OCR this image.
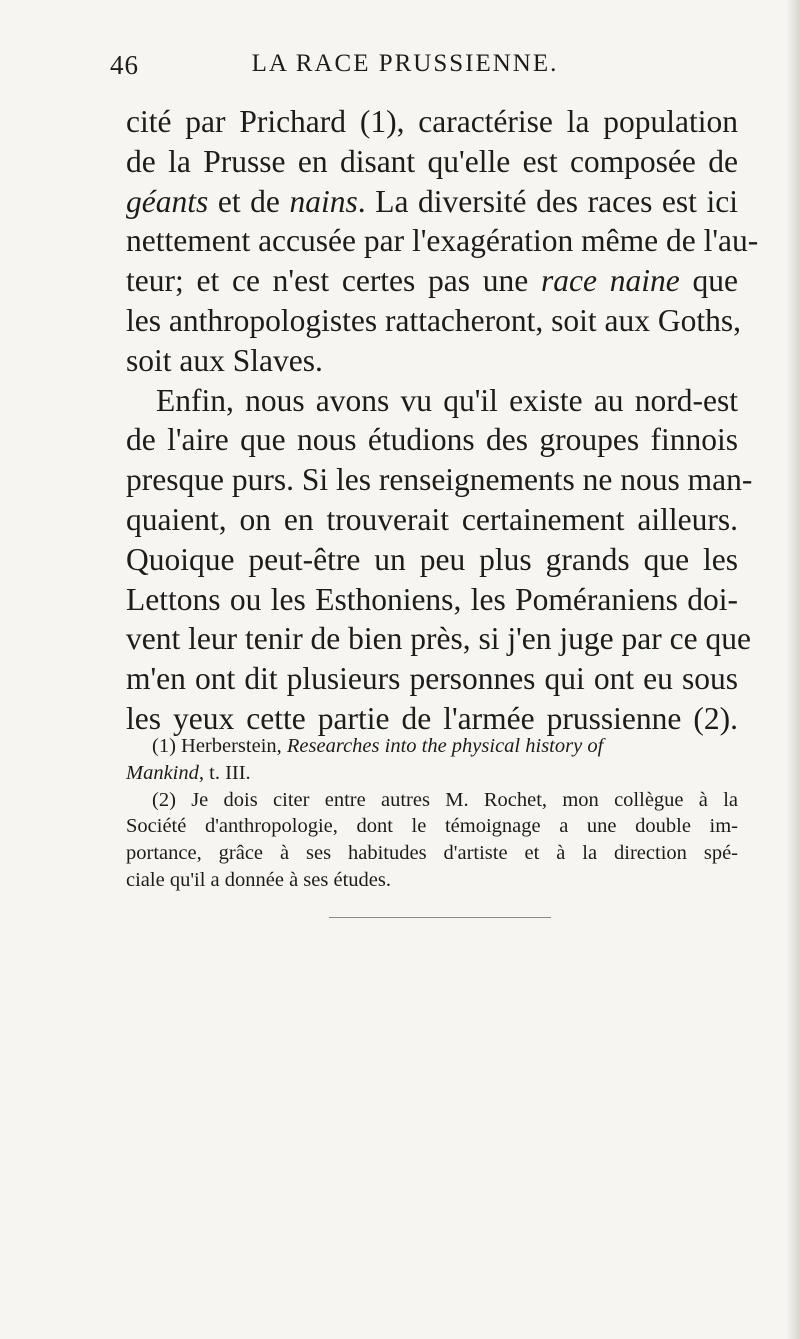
46	LA RACE PRUSSIENNE.
cité par Prichard (1), caractérise la population
de la Prusse en disant qu'elle est composée de
géants et de nains. La diversité des races est ici
nettement accusée par l'exagération même de l'au-
teur; et ce n'est certes pas une race naine que
les anthropologistes rattacheront, soit aux Goths,
soit aux Slaves.
Enfin, nous avons vu qu'il existe au nord-est
de l'aire que nous étudions des groupes finnois
presque purs. Si les renseignements ne nous man-
quaient, on en trouverait certainement ailleurs.
Quoique peut-être un peu plus grands que les
Lettons ou les Esthoniens, les Poméraniens doi-
vent leur tenir de bien près, si j'en juge par ce que
m'en ont dit plusieurs personnes qui ont eu sous
les yeux cette partie de l'armée prussienne (2).
(1) Herberstein, Researches into the physical history of
Mankind, t. III.
(2) Je dois citer entre autres M. Rochet, mon collègue à la
Société d'anthropologie, dont le témoignage a une double im-
portance, grâce à ses habitudes d'artiste et à la direction spé-
ciale qu'il a donnée à ses études.
